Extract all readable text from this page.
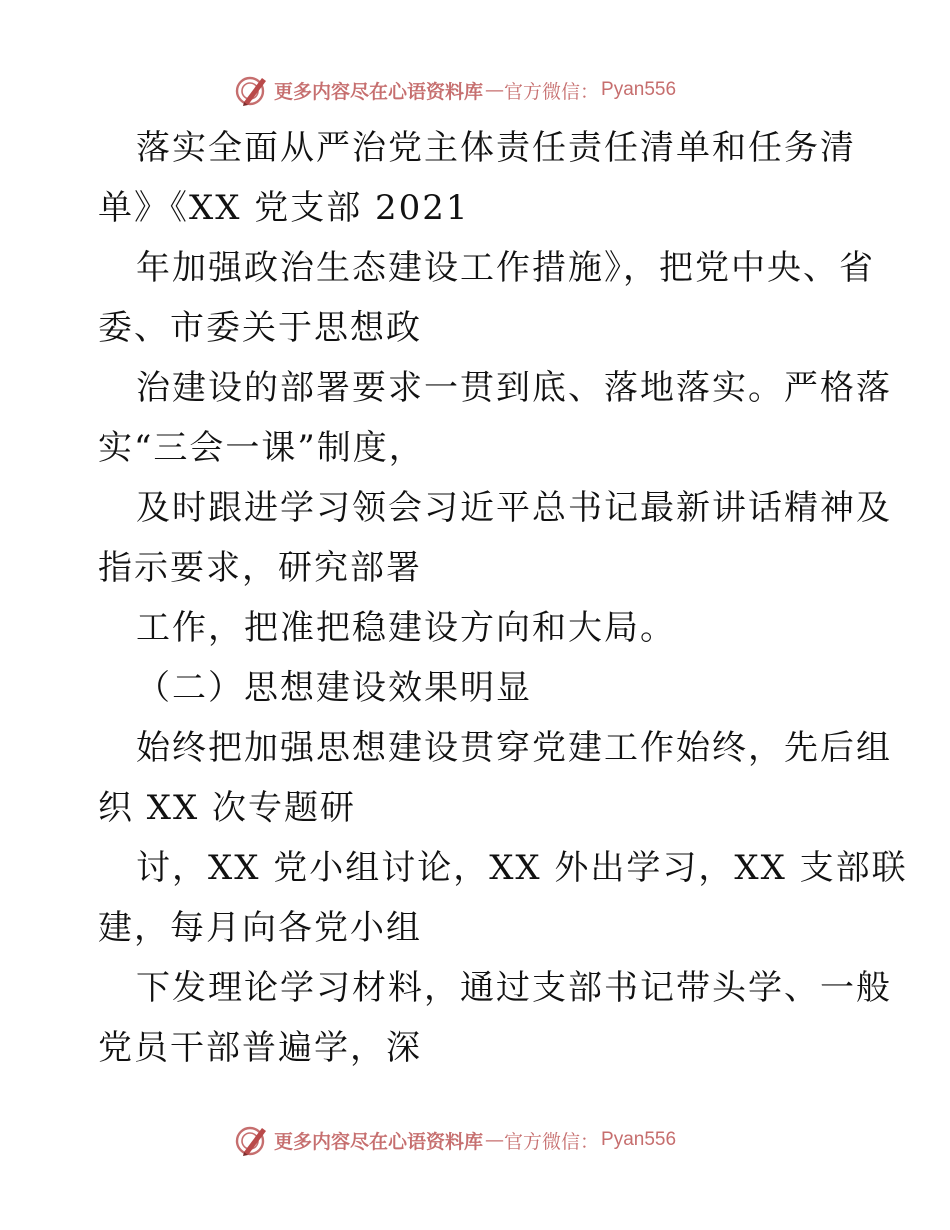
更多内容尽在心语资料库 — 官方微信： Pyan556
落实全面从严治党主体责任责任清单和任务清
单》《XX 党支部 2021
年加强政治生态建设工作措施》，把党中央、省
委、市委关于思想政
治建设的部署要求一贯到底、落地落实。严格落
实“三会一课”制度，
及时跟进学习领会习近平总书记最新讲话精神及
指示要求，研究部署
工作，把准把稳建设方向和大局。
（二）思想建设效果明显
始终把加强思想建设贯穿党建工作始终，先后组
织 XX 次专题研
讨，XX 党小组讨论，XX 外出学习，XX 支部联
建，每月向各党小组
下发理论学习材料，通过支部书记带头学、一般
党员干部普遍学，深
更多内容尽在心语资料库 — 官方微信： Pyan556
